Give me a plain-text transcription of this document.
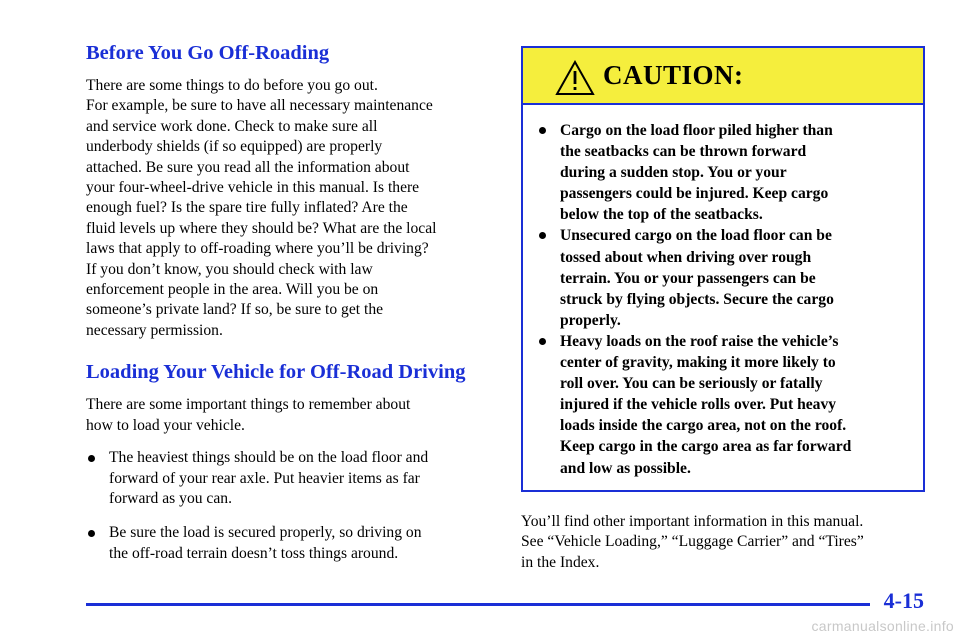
Before You Go Off-Roading

There are some things to do before you go out.
For example, be sure to have all necessary maintenance
and service work done. Check to make sure all
underbody shields (if so equipped) are properly
attached. Be sure you read all the information about
your four-wheel-drive vehicle in this manual. Is there
enough fuel? Is the spare tire fully inflated? Are the
fluid levels up where they should be? What are the local
laws that apply to off-roading where you’ll be driving?
If you don’t know, you should check with law
enforcement people in the area. Will you be on
someone’s private land? If so, be sure to get the
necessary permission.

Loading Your Vehicle for Off-Road Driving

There are some important things to remember about
how to load your vehicle.

The heaviest things should be on the load floor and
forward of your rear axle. Put heavier items as far
forward as you can.
Be sure the load is secured properly, so driving on
the off-road terrain doesn’t toss things around.
CAUTION:
Cargo on the load floor piled higher than
the seatbacks can be thrown forward
during a sudden stop. You or your
passengers could be injured. Keep cargo
below the top of the seatbacks.
Unsecured cargo on the load floor can be
tossed about when driving over rough
terrain. You or your passengers can be
struck by flying objects. Secure the cargo
properly.
Heavy loads on the roof raise the vehicle’s
center of gravity, making it more likely to
roll over. You can be seriously or fatally
injured if the vehicle rolls over. Put heavy
loads inside the cargo area, not on the roof.
Keep cargo in the cargo area as far forward
and low as possible.

You’ll find other important information in this manual.
See “Vehicle Loading,” “Luggage Carrier” and “Tires”
in the Index.

4-15
carmanualsonline.info
